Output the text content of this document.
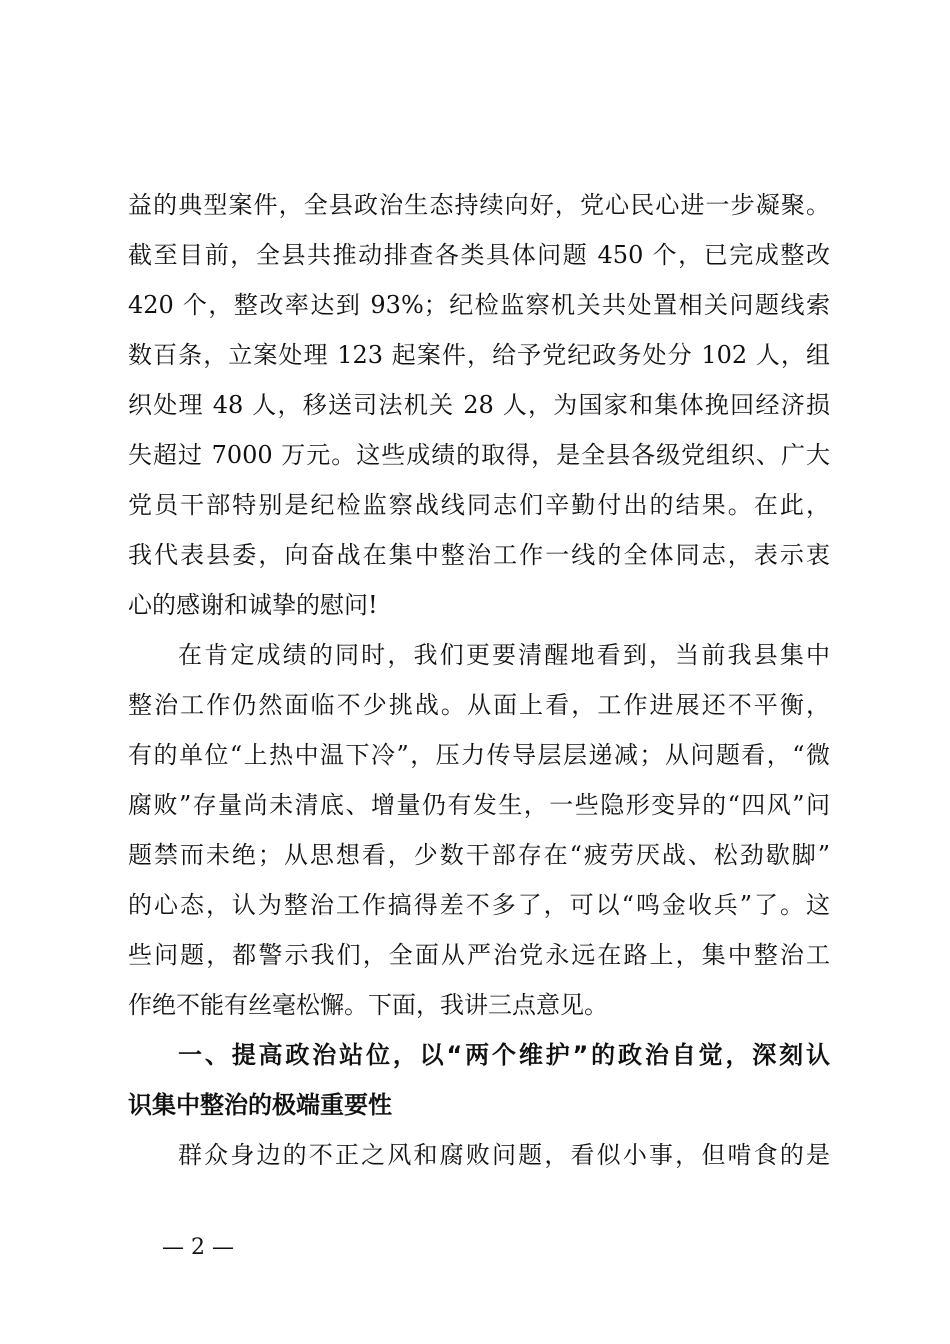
益的典型案件，全县政治生态持续向好，党心民心进一步凝聚。
截至目前，全县共推动排查各类具体问题 450 个，已完成整改
420 个，整改率达到 93%；纪检监察机关共处置相关问题线索
数百条，立案处理 123 起案件，给予党纪政务处分 102 人，组
织处理 48 人，移送司法机关 28 人，为国家和集体挽回经济损
失超过 7000 万元。这些成绩的取得，是全县各级党组织、广大
党员干部特别是纪检监察战线同志们辛勤付出的结果。在此，
我代表县委，向奋战在集中整治工作一线的全体同志，表示衷
心的感谢和诚挚的慰问!
在肯定成绩的同时，我们更要清醒地看到，当前我县集中
整治工作仍然面临不少挑战。从面上看，工作进展还不平衡，
有的单位“上热中温下冷”，压力传导层层递减；从问题看，“微
腐败”存量尚未清底、增量仍有发生，一些隐形变异的“四风”问
题禁而未绝；从思想看，少数干部存在“疲劳厌战、松劲歇脚”
的心态，认为整治工作搞得差不多了，可以“鸣金收兵”了。这
些问题，都警示我们，全面从严治党永远在路上，集中整治工
作绝不能有丝毫松懈。下面，我讲三点意见。
一、提高政治站位，以“两个维护”的政治自觉，深刻认
识集中整治的极端重要性
群众身边的不正之风和腐败问题，看似小事，但啃食的是
— 2 —
